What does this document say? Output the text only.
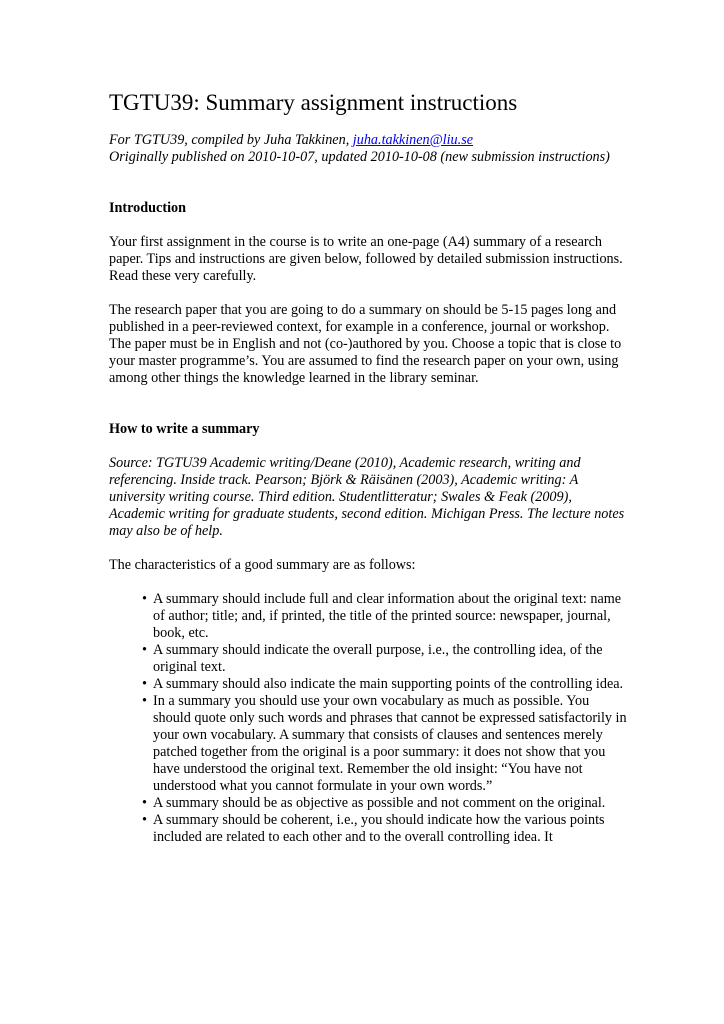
TGTU39: Summary assignment instructions

For TGTU39, compiled by Juha Takkinen, juha.takkinen@liu.se

Originally published on 2010-10-07, updated 2010-10-08 (new submission instructions)

Introduction

Your first assignment in the course is to write an one-page (A4) summary of a research paper. Tips and instructions are given below, followed by detailed submission instructions. Read these very carefully.

The research paper that you are going to do a summary on should be 5-15 pages long and published in a peer-reviewed context, for example in a conference, journal or workshop. The paper must be in English and not (co-)authored by you. Choose a topic that is close to your master programme’s. You are assumed to find the research paper on your own, using among other things the knowledge learned in the library seminar.

How to write a summary

Source: TGTU39 Academic writing/Deane (2010), Academic research, writing and referencing. Inside track. Pearson; Björk & Räisänen (2003), Academic writing: A university writing course. Third edition. Studentlitteratur; Swales & Feak (2009), Academic writing for graduate students, second edition. Michigan Press. The lecture notes may also be of help.

The characteristics of a good summary are as follows:

• A summary should include full and clear information about the original text: name of author; title; and, if printed, the title of the printed source: newspaper, journal, book, etc.
• A summary should indicate the overall purpose, i.e., the controlling idea, of the original text.
• A summary should also indicate the main supporting points of the controlling idea.
• In a summary you should use your own vocabulary as much as possible. You should quote only such words and phrases that cannot be expressed satisfactorily in your own vocabulary. A summary that consists of clauses and sentences merely patched together from the original is a poor summary: it does not show that you have understood the original text. Remember the old insight: “You have not understood what you cannot formulate in your own words.”
• A summary should be as objective as possible and not comment on the original.
• A summary should be coherent, i.e., you should indicate how the various points included are related to each other and to the overall controlling idea. It
